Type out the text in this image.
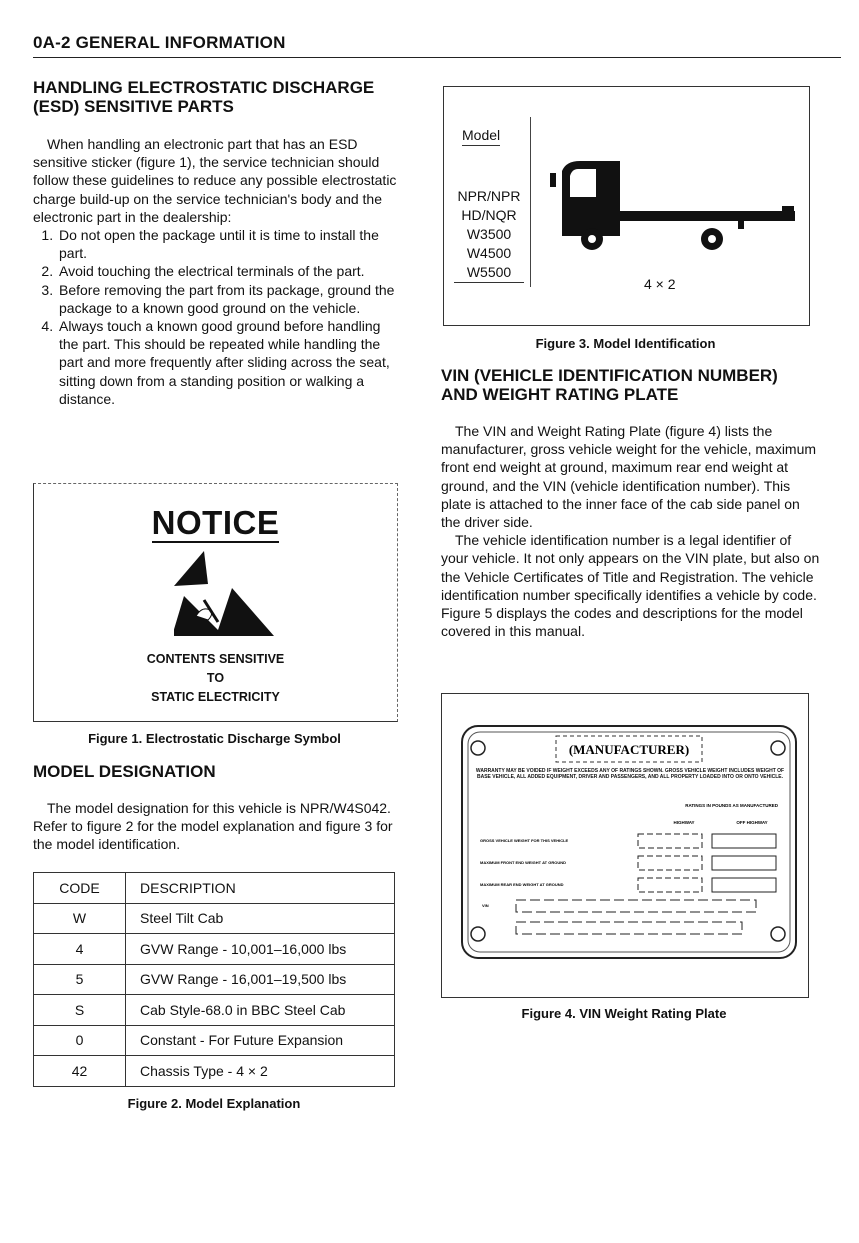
0A-2 GENERAL INFORMATION
HANDLING ELECTROSTATIC DISCHARGE
(ESD) SENSITIVE PARTS

When handling an electronic part that has an ESD sensitive sticker (figure 1), the service technician should follow these guidelines to reduce any possible electrostatic charge build-up on the service technician's body and the electronic part in the dealership:

1. Do not open the package until it is time to install the part.
2. Avoid touching the electrical terminals of the part.
3. Before removing the part from its package, ground the package to a known good ground on the vehicle.
4. Always touch a known good ground before handling the part. This should be repeated while handling the part and more frequently after sliding across the seat, sitting down from a standing position or walking a distance.
NOTICE
CONTENTS SENSITIVE
TO
STATIC ELECTRICITY
Figure 1. Electrostatic Discharge Symbol
MODEL DESIGNATION

The model designation for this vehicle is NPR/W4S042. Refer to figure 2 for the model explanation and figure 3 for the model identification.

CODE	DESCRIPTION
W	Steel Tilt Cab
4	GVW Range - 10,001–16,000 lbs
5	GVW Range - 16,001–19,500 lbs
S	Cab Style-68.0 in BBC Steel Cab
0	Constant - For Future Expansion
42	Chassis Type - 4 × 2
Figure 2. Model Explanation
Model
NPR/NPR
HD/NQR
W3500
W4500
W5500
4 × 2
Figure 3. Model Identification
VIN (VEHICLE IDENTIFICATION NUMBER)
AND WEIGHT RATING PLATE

The VIN and Weight Rating Plate (figure 4) lists the manufacturer, gross vehicle weight for the vehicle, maximum front end weight at ground, maximum rear end weight at ground, and the VIN (vehicle identification number). This plate is attached to the inner face of the cab side panel on the driver side.

The vehicle identification number is a legal identifier of your vehicle. It not only appears on the VIN plate, but also on the Vehicle Certificates of Title and Registration. The vehicle identification number specifically identifies a vehicle by code. Figure 5 displays the codes and descriptions for the model covered in this manual.

(MANUFACTURER)
WARRANTY MAY BE VOIDED IF WEIGHT EXCEEDS ANY OF RATINGS SHOWN. GROSS VEHICLE WEIGHT INCLUDES WEIGHT OF BASE VEHICLE, ALL ADDED EQUIPMENT, DRIVER AND PASSENGERS, AND ALL PROPERTY LOADED INTO OR ONTO VEHICLE.
RATINGS IN POUNDS AS MANUFACTURED
HIGHWAY	OFF HIGHWAY
GROSS VEHICLE WEIGHT FOR THIS VEHICLE
MAXIMUM FRONT END WEIGHT AT GROUND
MAXIMUM REAR END WEIGHT AT GROUND
VIN
Figure 4. VIN Weight Rating Plate
